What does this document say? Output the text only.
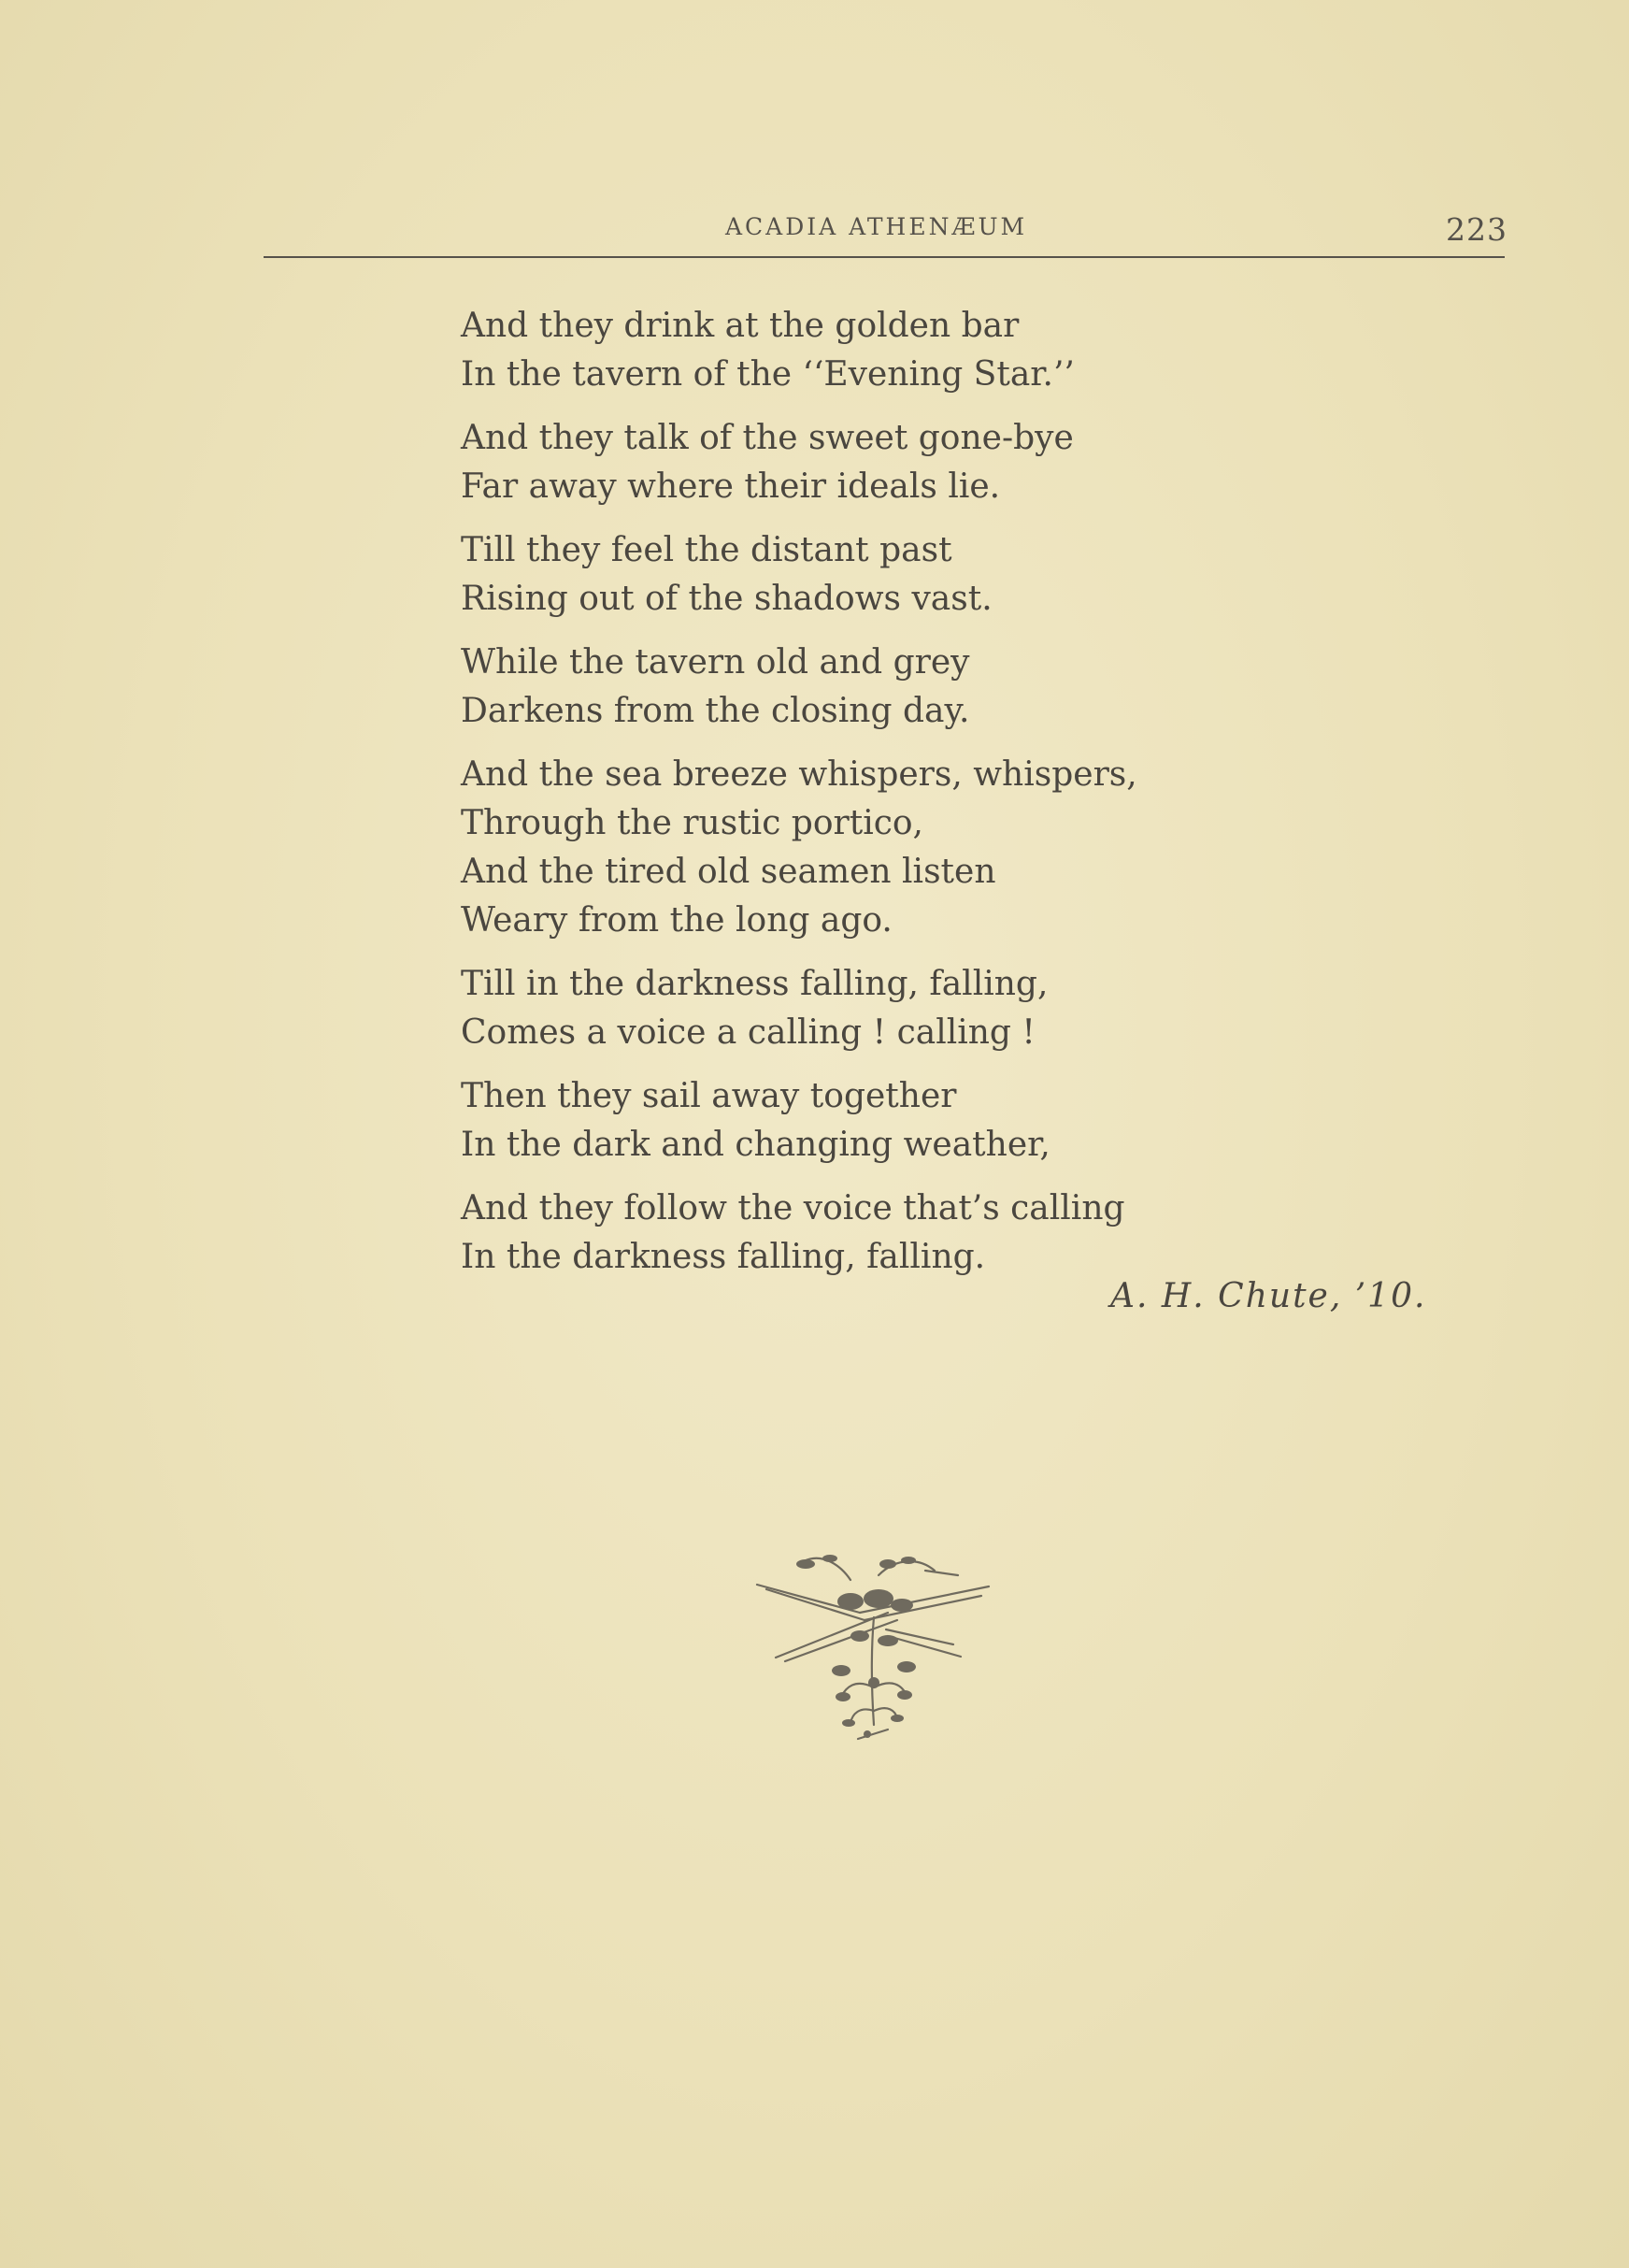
ACADIA ATHENÆUM	223
And they drink at the golden bar
In the tavern of the ‘‘Evening Star.’’
And they talk of the sweet gone-bye
Far away where their ideals lie.
Till they feel the distant past
Rising out of the shadows vast.
While the tavern old and grey
Darkens from the closing day.
And the sea breeze whispers, whispers,
Through the rustic portico,
And the tired old seamen listen
Weary from the long ago.
Till in the darkness falling, falling,
Comes a voice a calling ! calling !
Then they sail away together
In the dark and changing weather,
And they follow the voice that’s calling
In the darkness falling, falling.
A. H. Chute, ’10.
